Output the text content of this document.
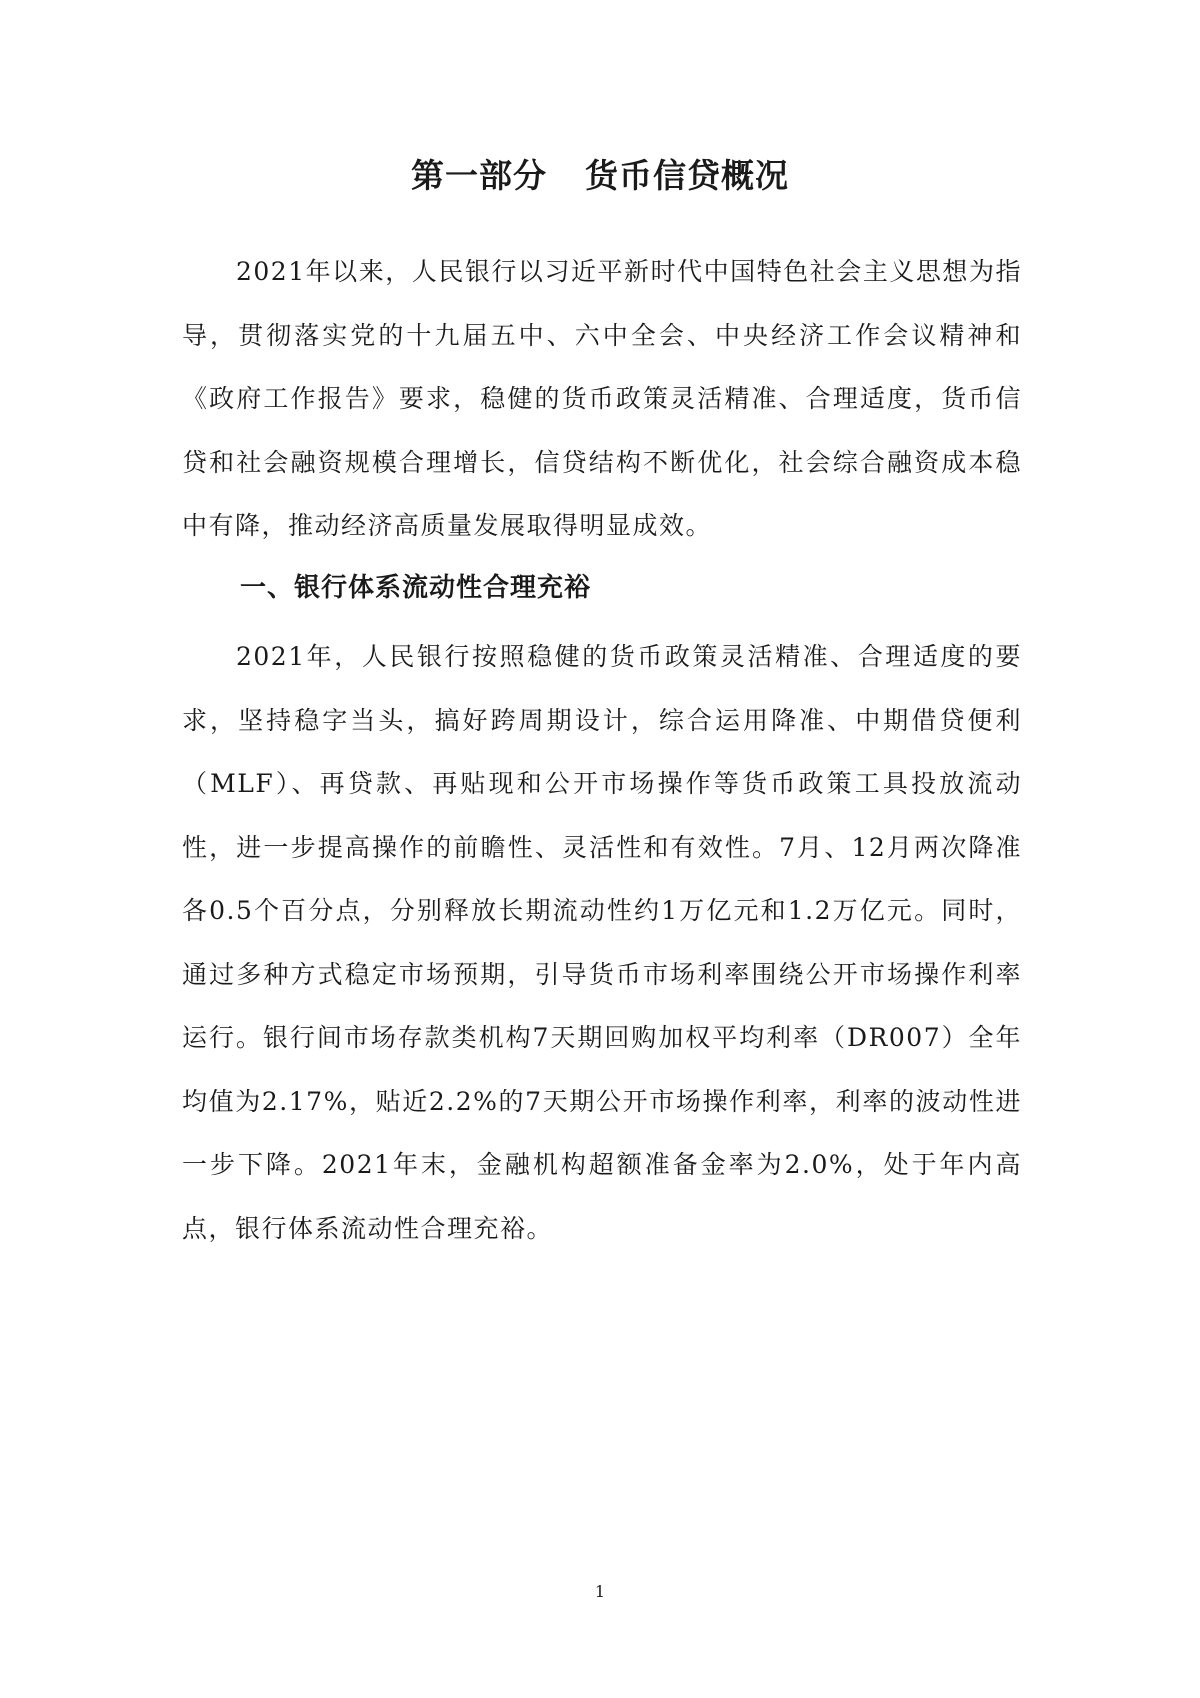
第一部分 货币信贷概况

2021年以来，人民银行以习近平新时代中国特色社会主义思想为指导，贯彻落实党的十九届五中、六中全会、中央经济工作会议精神和《政府工作报告》要求，稳健的货币政策灵活精准、合理适度，货币信贷和社会融资规模合理增长，信贷结构不断优化，社会综合融资成本稳中有降，推动经济高质量发展取得明显成效。

一、银行体系流动性合理充裕

2021年，人民银行按照稳健的货币政策灵活精准、合理适度的要求，坚持稳字当头，搞好跨周期设计，综合运用降准、中期借贷便利（MLF）、再贷款、再贴现和公开市场操作等货币政策工具投放流动性，进一步提高操作的前瞻性、灵活性和有效性。7月、12月两次降准各0.5个百分点，分别释放长期流动性约1万亿元和1.2万亿元。同时，通过多种方式稳定市场预期，引导货币市场利率围绕公开市场操作利率运行。银行间市场存款类机构7天期回购加权平均利率（DR007）全年均值为2.17%，贴近2.2%的7天期公开市场操作利率，利率的波动性进一步下降。2021年末，金融机构超额准备金率为2.0%，处于年内高点，银行体系流动性合理充裕。

1
